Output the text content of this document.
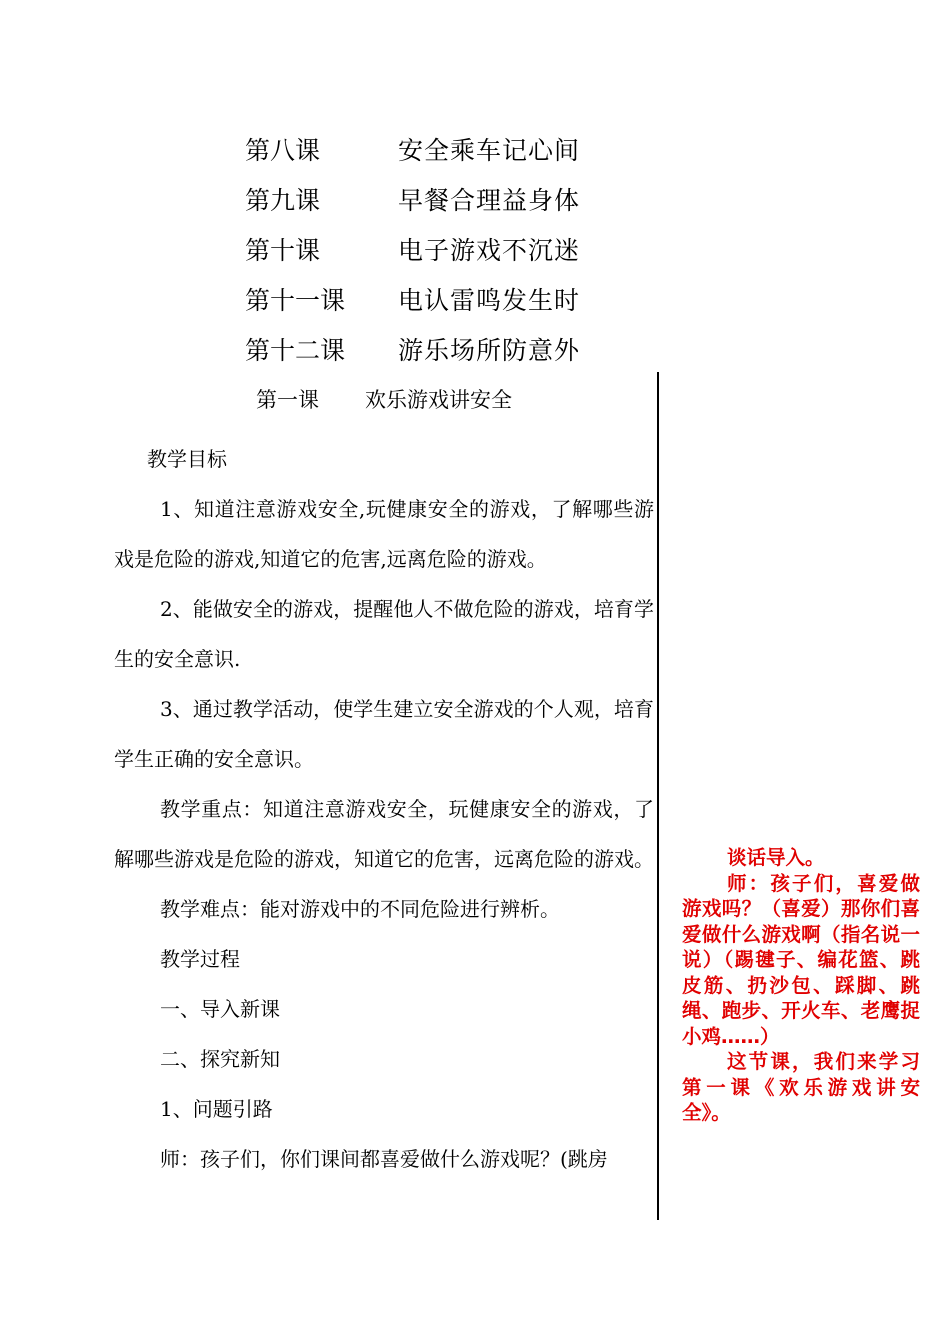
第八课	安全乘车记心间
第九课	早餐合理益身体
第十课	电子游戏不沉迷
第十一课 电认雷鸣发生时
第十二课 游乐场所防意外
第一课 欢乐游戏讲安全

教学目标

1、知道注意游戏安全,玩健康安全的游戏，了解哪些游戏是危险的游戏,知道它的危害,远离危险的游戏。

2、能做安全的游戏，提醒他人不做危险的游戏，培育学生的安全意识.

3、通过教学活动，使学生建立安全游戏的个人观，培育学生正确的安全意识。

教学重点：知道注意游戏安全，玩健康安全的游戏，了解哪些游戏是危险的游戏，知道它的危害，远离危险的游戏。

教学难点：能对游戏中的不同危险进行辨析。

教学过程

一、导入新课

二、探究新知

1、问题引路

师：孩子们，你们课间都喜爱做什么游戏呢？(跳房

谈话导入。

师：孩子们，喜爱做游戏吗？（喜爱）那你们喜爱做什么游戏啊（指名说一说）（踢毽子、编花篮、跳皮筋、扔沙包、踩脚、跳绳、跑步、开火车、老鹰捉小鸡……）

这节课，我们来学习第一课《欢乐游戏讲安全》。
